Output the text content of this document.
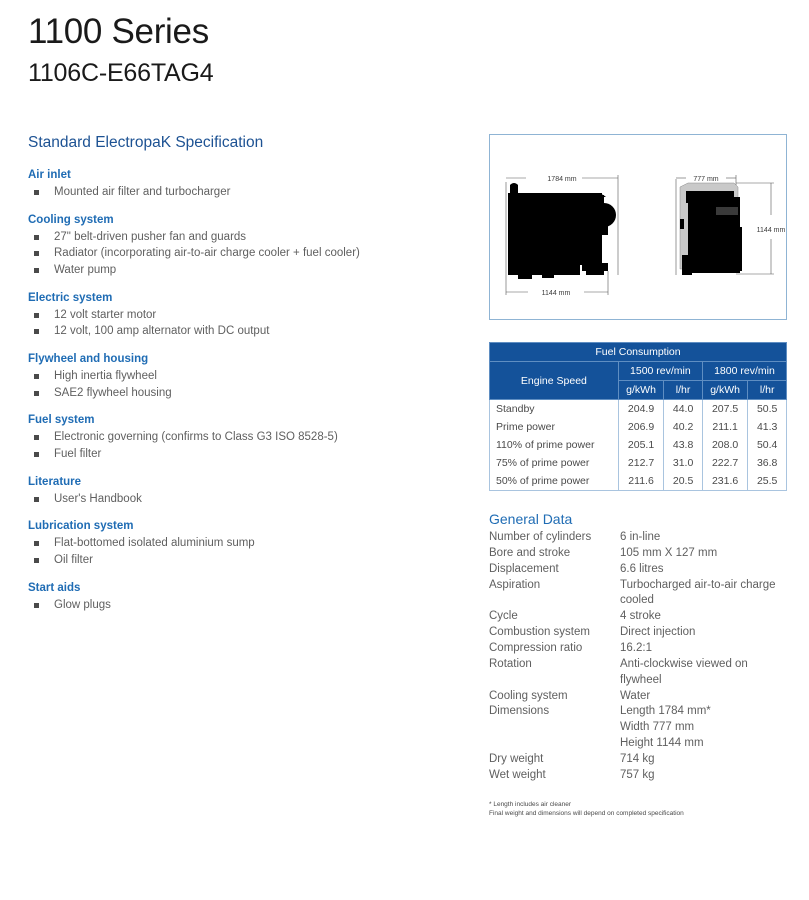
1100 Series
1106C-E66TAG4
Standard ElectropaK Specification
Air inlet
Mounted air filter and turbocharger
Cooling system
27" belt-driven pusher fan and guards
Radiator (incorporating air-to-air charge cooler + fuel cooler)
Water pump
Electric system
12 volt starter motor
12 volt, 100 amp alternator with DC output
Flywheel and housing
High inertia flywheel
SAE2 flywheel housing
Fuel system
Electronic governing (confirms to Class G3 ISO 8528-5)
Fuel filter
Literature
User's Handbook
Lubrication system
Flat-bottomed isolated aluminium sump
Oil filter
Start aids
Glow plugs
1784 mm
1144 mm
777 mm
1144 mm
Fuel Consumption				
Engine Speed	1500 rev/min		1800 rev/min	
	g/kWh	l/hr	g/kWh	l/hr
Standby	204.9	44.0	207.5	50.5
Prime power	206.9	40.2	211.1	41.3
110% of prime power	205.1	43.8	208.0	50.4
75% of prime power	212.7	31.0	222.7	36.8
50% of prime power	211.6	20.5	231.6	25.5
General Data
Number of cylinders	6 in-line
Bore and stroke	105 mm X 127 mm
Displacement	6.6 litres
Aspiration	Turbocharged air-to-air charge cooled
Cycle	4 stroke
Combustion system	Direct injection
Compression ratio	16.2:1
Rotation	Anti-clockwise viewed on flywheel
Cooling system	Water
Dimensions	Length 1784 mm*
	Width 777 mm
	Height 1144 mm
Dry weight	714 kg
Wet weight	757 kg

* Length includes air cleaner

Final weight and dimensions will depend on completed specification
